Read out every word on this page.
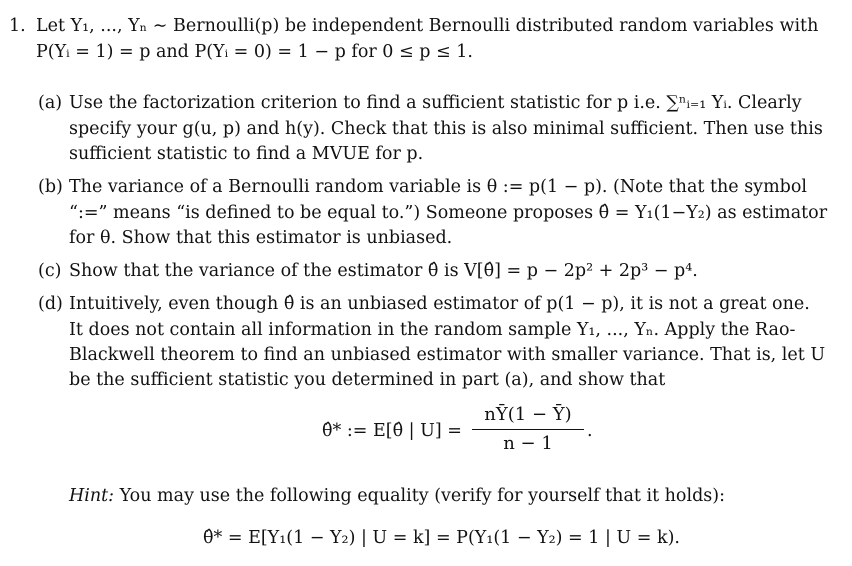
1. Let Y₁, ..., Yₙ ∼ Bernoulli(p) be independent Bernoulli distributed random variables with
P(Yᵢ = 1) = p and P(Yᵢ = 0) = 1 − p for 0 ≤ p ≤ 1.
(a) Use the factorization criterion to find a sufficient statistic for p i.e. ∑ⁿᵢ₌₁ Yᵢ. Clearly
specify your g(u, p) and h(y). Check that this is also minimal sufficient. Then use this
sufficient statistic to find a MVUE for p.
(b) The variance of a Bernoulli random variable is θ := p(1 − p). (Note that the symbol
“:=” means “is defined to be equal to.”) Someone proposes θ̂ = Y₁(1−Y₂) as estimator
for θ. Show that this estimator is unbiased.
(c) Show that the variance of the estimator θ̂ is V[θ̂] = p − 2p² + 2p³ − p⁴.
(d) Intuitively, even though θ̂ is an unbiased estimator of p(1 − p), it is not a great one.
It does not contain all information in the random sample Y₁, ..., Yₙ. Apply the Rao-
Blackwell theorem to find an unbiased estimator with smaller variance. That is, let U
be the sufficient statistic you determined in part (a), and show that
θ̂* := E[θ̂ | U] =
nȲ(1 − Ȳ)
n − 1
.
Hint: You may use the following equality (verify for yourself that it holds):
θ̂* = E[Y₁(1 − Y₂) | U = k] = P(Y₁(1 − Y₂) = 1 | U = k).
